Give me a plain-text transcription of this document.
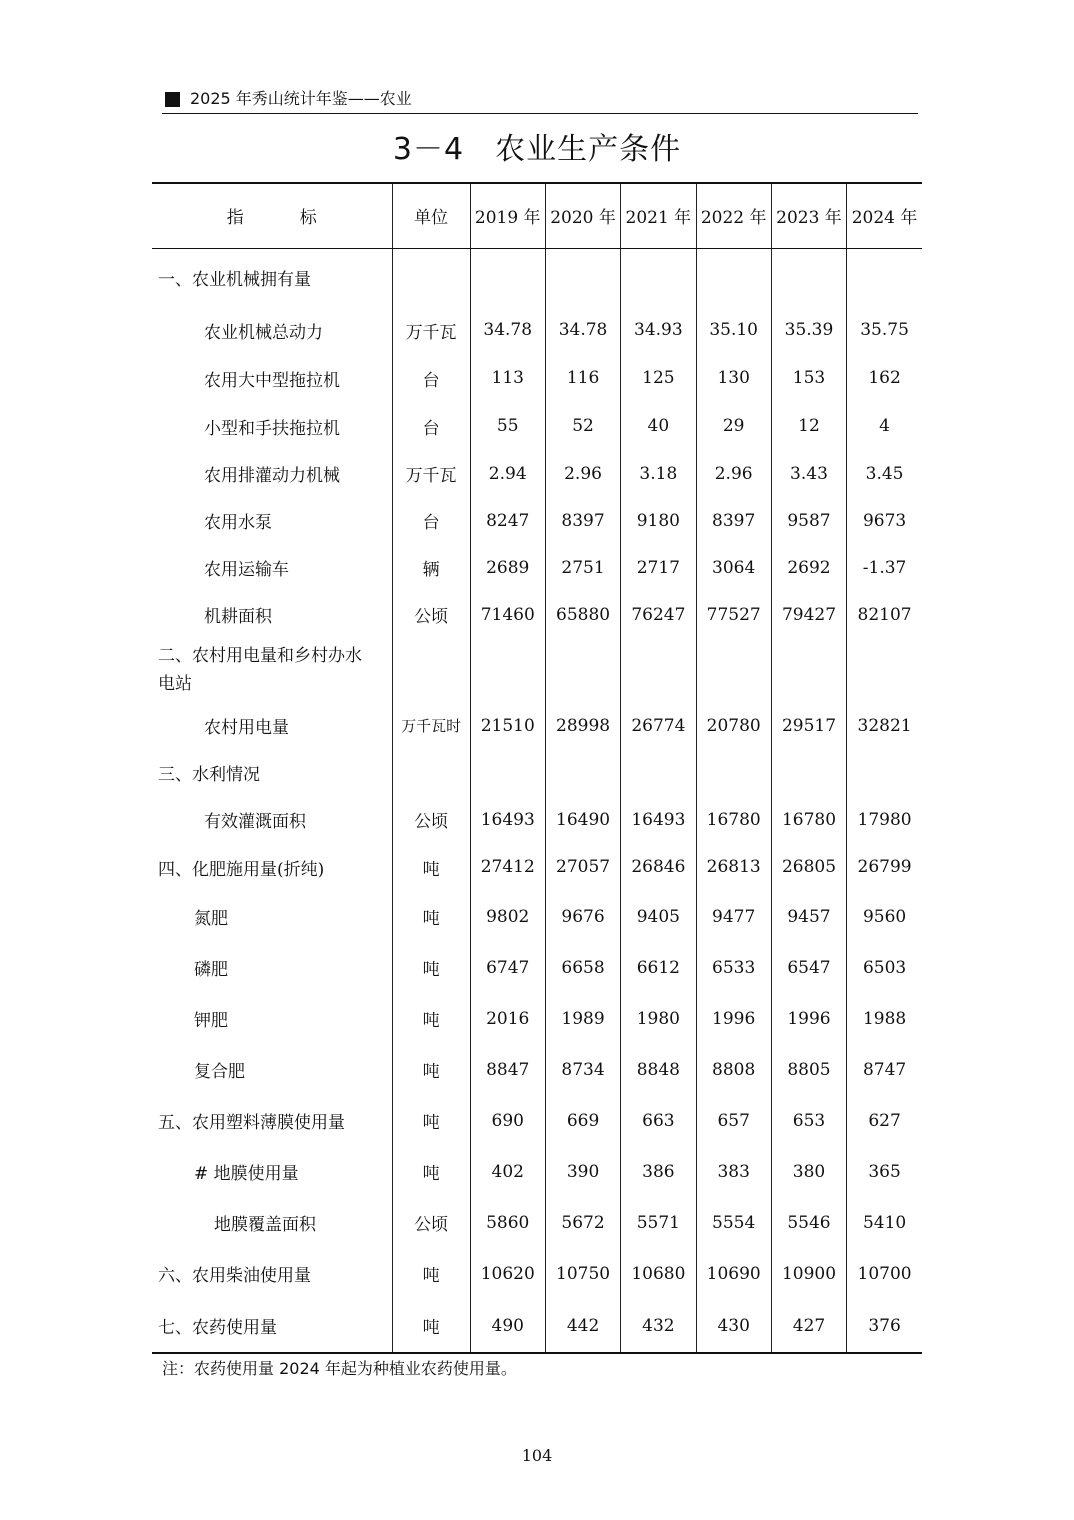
2025 年秀山统计年鉴——农业
3－4　农业生产条件
指 标	单位	2019 年	2020 年	2021 年	2022 年	2023 年	2024 年
一、农业机械拥有量							
农业机械总动力	万千瓦	34.78	34.78	34.93	35.10	35.39	35.75
农用大中型拖拉机	台	113	116	125	130	153	162
小型和手扶拖拉机	台	55	52	40	29	12	4
农用排灌动力机械	万千瓦	2.94	2.96	3.18	2.96	3.43	3.45
农用水泵	台	8247	8397	9180	8397	9587	9673
农用运输车	辆	2689	2751	2717	3064	2692	-1.37
机耕面积	公顷	71460	65880	76247	77527	79427	82107
二、农村用电量和乡村办水
电站							
农村用电量	万千瓦时	21510	28998	26774	20780	29517	32821
三、水利情况							
有效灌溉面积	公顷	16493	16490	16493	16780	16780	17980
四、化肥施用量(折纯)	吨	27412	27057	26846	26813	26805	26799
氮肥	吨	9802	9676	9405	9477	9457	9560
磷肥	吨	6747	6658	6612	6533	6547	6503
钾肥	吨	2016	1989	1980	1996	1996	1988
复合肥	吨	8847	8734	8848	8808	8805	8747
五、农用塑料薄膜使用量	吨	690	669	663	657	653	627
# 地膜使用量	吨	402	390	386	383	380	365
地膜覆盖面积	公顷	5860	5672	5571	5554	5546	5410
六、农用柴油使用量	吨	10620	10750	10680	10690	10900	10700
七、农药使用量	吨	490	442	432	430	427	376
注：农药使用量 2024 年起为种植业农药使用量。
104
